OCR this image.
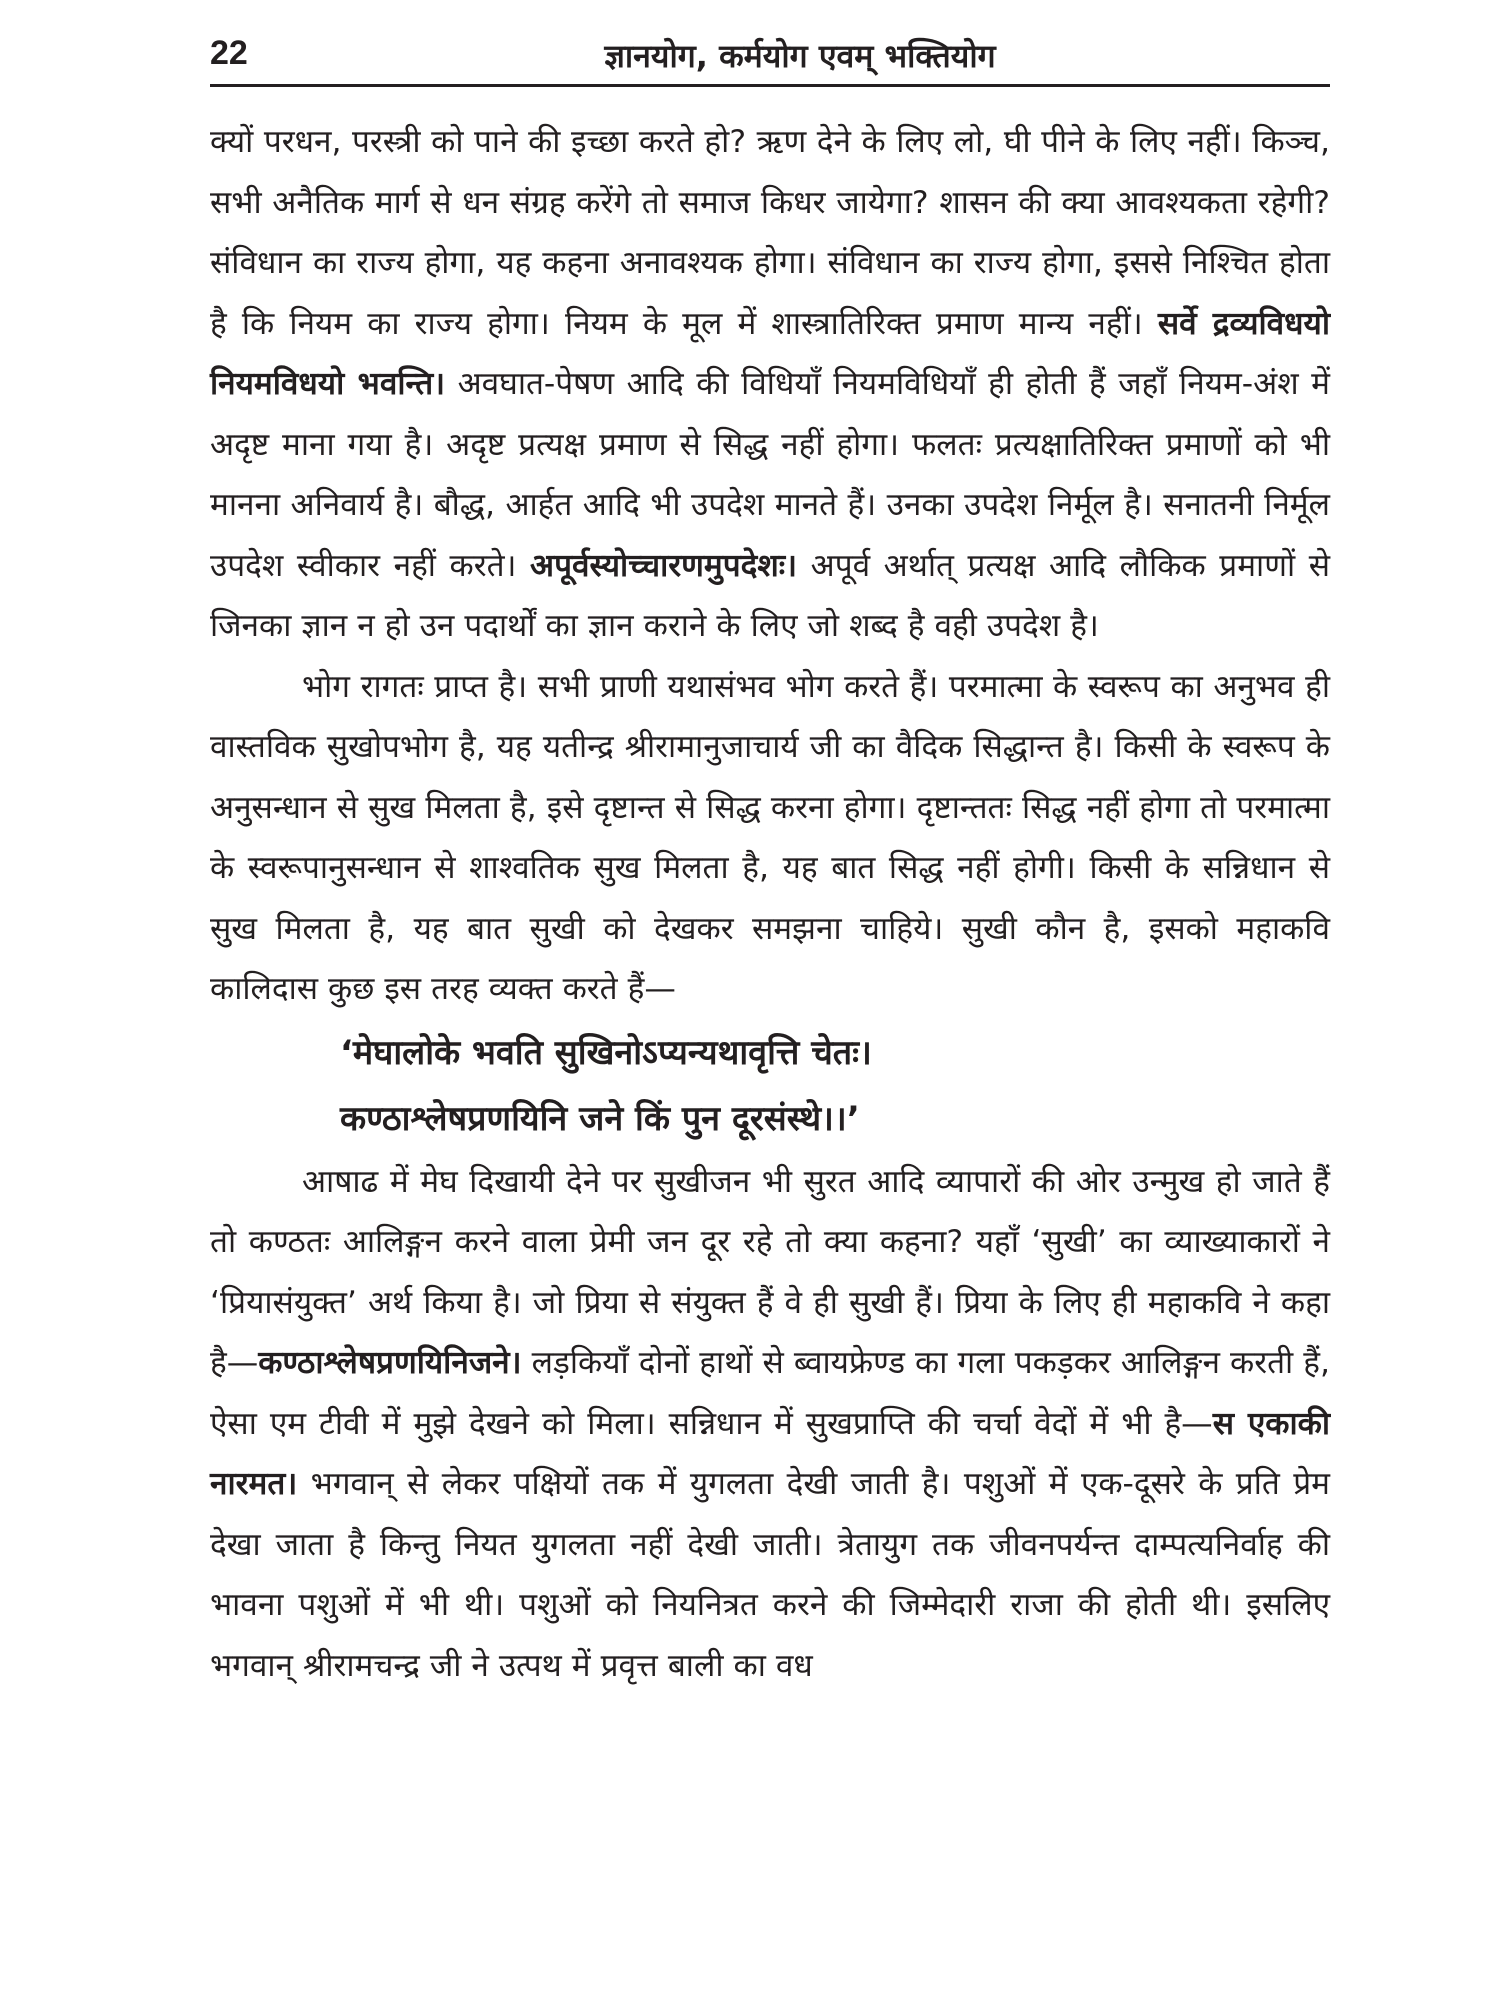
22	ज्ञानयोग, कर्मयोग एवम् भक्तियोग

क्यों परधन, परस्त्री को पाने की इच्छा करते हो? ऋण देने के लिए लो, घी पीने के लिए नहीं। किञ्च, सभी अनैतिक मार्ग से धन संग्रह करेंगे तो समाज किधर जायेगा? शासन की क्या आवश्यकता रहेगी? संविधान का राज्य होगा, यह कहना अनावश्यक होगा। संविधान का राज्य होगा, इससे निश्चित होता है कि नियम का राज्य होगा। नियम के मूल में शास्त्रातिरिक्त प्रमाण मान्य नहीं। सर्वे द्रव्यविधयो नियमविधयो भवन्ति। अवघात-पेषण आदि की विधियाँ नियमविधियाँ ही होती हैं जहाँ नियम-अंश में अदृष्ट माना गया है। अदृष्ट प्रत्यक्ष प्रमाण से सिद्ध नहीं होगा। फलतः प्रत्यक्षातिरिक्त प्रमाणों को भी मानना अनिवार्य है। बौद्ध, आर्हत आदि भी उपदेश मानते हैं। उनका उपदेश निर्मूल है। सनातनी निर्मूल उपदेश स्वीकार नहीं करते। अपूर्वस्योच्चारणमुपदेशः। अपूर्व अर्थात् प्रत्यक्ष आदि लौकिक प्रमाणों से जिनका ज्ञान न हो उन पदार्थों का ज्ञान कराने के लिए जो शब्द है वही उपदेश है।

भोग रागतः प्राप्त है। सभी प्राणी यथासंभव भोग करते हैं। परमात्मा के स्वरूप का अनुभव ही वास्तविक सुखोपभोग है, यह यतीन्द्र श्रीरामानुजाचार्य जी का वैदिक सिद्धान्त है। किसी के स्वरूप के अनुसन्धान से सुख मिलता है, इसे दृष्टान्त से सिद्ध करना होगा। दृष्टान्ततः सिद्ध नहीं होगा तो परमात्मा के स्वरूपानुसन्धान से शाश्वतिक सुख मिलता है, यह बात सिद्ध नहीं होगी। किसी के सन्निधान से सुख मिलता है, यह बात सुखी को देखकर समझना चाहिये। सुखी कौन है, इसको महाकवि कालिदास कुछ इस तरह व्यक्त करते हैं—

‘मेघालोके भवति सुखिनोऽप्यन्यथावृत्ति चेतः।
कण्ठाश्लेषप्रणयिनि जने किं पुन दूरसंस्थे।।’

आषाढ में मेघ दिखायी देने पर सुखीजन भी सुरत आदि व्यापारों की ओर उन्मुख हो जाते हैं तो कण्ठतः आलिङ्गन करने वाला प्रेमी जन दूर रहे तो क्या कहना? यहाँ ‘सुखी’ का व्याख्याकारों ने ‘प्रियासंयुक्त’ अर्थ किया है। जो प्रिया से संयुक्त हैं वे ही सुखी हैं। प्रिया के लिए ही महाकवि ने कहा है—कण्ठाश्लेषप्रणयिनिजने। लड़कियाँ दोनों हाथों से ब्वायफ्रेण्ड का गला पकड़कर आलिङ्गन करती हैं, ऐसा एम टीवी में मुझे देखने को मिला। सन्निधान में सुखप्राप्ति की चर्चा वेदों में भी है—स एकाकी नारमत। भगवान् से लेकर पक्षियों तक में युगलता देखी जाती है। पशुओं में एक-दूसरे के प्रति प्रेम देखा जाता है किन्तु नियत युगलता नहीं देखी जाती। त्रेतायुग तक जीवनपर्यन्त दाम्पत्यनिर्वाह की भावना पशुओं में भी थी। पशुओं को नियनित्रत करने की जिम्मेदारी राजा की होती थी। इसलिए भगवान् श्रीरामचन्द्र जी ने उत्पथ में प्रवृत्त बाली का वध
